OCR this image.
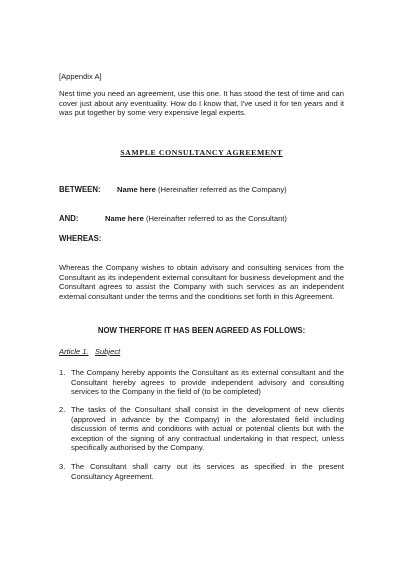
[Appendix A]
Nest time you need an agreement, use this one. It has stood the test of time and can cover just about any eventuality. How do I know that, I've used it for ten years and it was put together by some very expensive legal experts.
SAMPLE CONSULTANCY AGREEMENT
BETWEEN: Name here (Hereinafter referred as the Company)
AND:	Name here (Hereinafter referred to as the Consultant)
WHEREAS:
Whereas the Company wishes to obtain advisory and consulting services from the Consultant as its independent external consultant for business development and the Consultant agrees to assist the Company with such services as an independent external consultant under the terms and the conditions set forth in this Agreement.
NOW THERFORE IT HAS BEEN AGREED AS FOLLOWS:
Article 1. Subject
1. The Company hereby appoints the Consultant as its external consultant and the Consultant hereby agrees to provide independent advisory and consulting services to the Company in the field of (to be completed)
2. The tasks of the Consultant shall consist in the development of new clients (approved in advance by the Company) in the aforestated field including discussion of terms and conditions with actual or potential clients but with the exception of the signing of any contractual undertaking in that respect, unless specifically authorised by the Company.
3. The Consultant shall carry out its services as specified in the present Consultancy Agreement.
